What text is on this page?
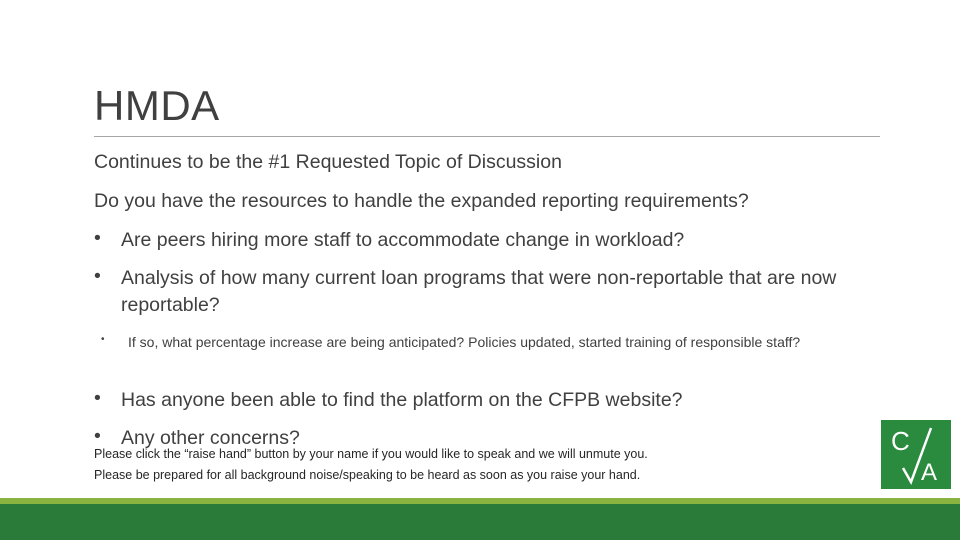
HMDA
Continues to be the #1 Requested Topic of Discussion
Do you have the resources to handle the expanded reporting requirements?
• Are peers hiring more staff to accommodate change in workload?
• Analysis of how many current loan programs that were non-reportable that are now reportable?
• If so, what percentage increase are being anticipated? Policies updated, started training of responsible staff?
• Has anyone been able to find the platform on the CFPB website?
• Any other concerns?
Please click the “raise hand” button by your name if you would like to speak and we will unmute you. Please be prepared for all background noise/speaking to be heard as soon as you raise your hand.
C
A
